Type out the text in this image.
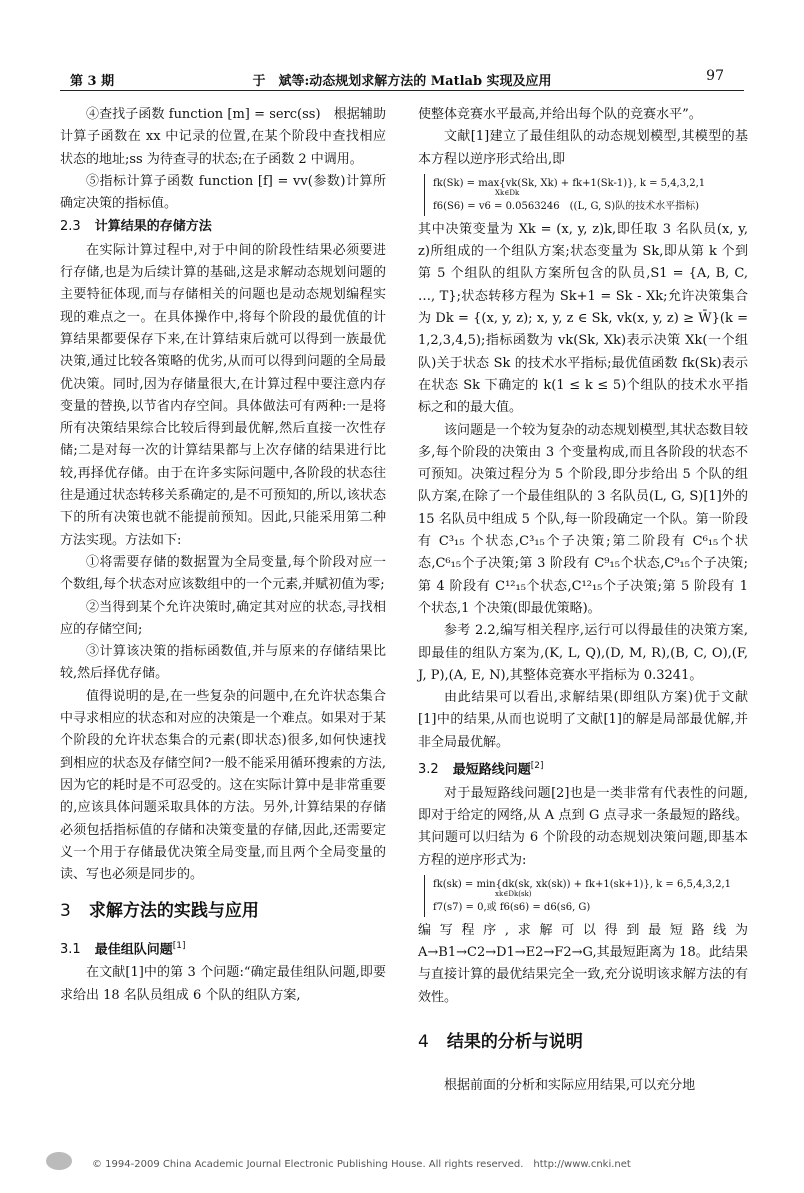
第 3 期	于　斌等:动态规划求解方法的 Matlab 实现及应用	97

④查找子函数 function [m] = serc(ss)　根据辅助计算子函数在 xx 中记录的位置,在某个阶段中查找相应状态的地址;ss 为待查寻的状态;在子函数 2 中调用。

⑤指标计算子函数 function [f] = vv(参数)计算所确定决策的指标值。

2.3 计算结果的存储方法

在实际计算过程中,对于中间的阶段性结果必须要进行存储,也是为后续计算的基础,这是求解动态规划问题的主要特征体现,而与存储相关的问题也是动态规划编程实现的难点之一。在具体操作中,将每个阶段的最优值的计算结果都要保存下来,在计算结束后就可以得到一族最优决策,通过比较各策略的优劣,从而可以得到问题的全局最优决策。同时,因为存储量很大,在计算过程中要注意内存变量的替换,以节省内存空间。具体做法可有两种:一是将所有决策结果综合比较后得到最优解,然后直接一次性存储;二是对每一次的计算结果都与上次存储的结果进行比较,再择优存储。由于在许多实际问题中,各阶段的状态往往是通过状态转移关系确定的,是不可预知的,所以,该状态下的所有决策也就不能提前预知。因此,只能采用第二种方法实现。方法如下:

①将需要存储的数据置为全局变量,每个阶段对应一个数组,每个状态对应该数组中的一个元素,并赋初值为零;

②当得到某个允许决策时,确定其对应的状态,寻找相应的存储空间;

③计算该决策的指标函数值,并与原来的存储结果比较,然后择优存储。

值得说明的是,在一些复杂的问题中,在允许状态集合中寻求相应的状态和对应的决策是一个难点。如果对于某个阶段的允许状态集合的元素(即状态)很多,如何快速找到相应的状态及存储空间?一般不能采用循环搜索的方法,因为它的耗时是不可忍受的。这在实际计算中是非常重要的,应该具体问题采取具体的方法。另外,计算结果的存储必须包括指标值的存储和决策变量的存储,因此,还需要定义一个用于存储最优决策全局变量,而且两个全局变量的读、写也必须是同步的。

3 求解方法的实践与应用
3.1 最佳组队问题[1]

在文献[1]中的第 3 个问题:“确定最佳组队问题,即要求给出 18 名队员组成 6 个队的组队方案,

使整体竞赛水平最高,并给出每个队的竞赛水平”。

文献[1]建立了最佳组队的动态规划模型,其模型的基本方程以逆序形式给出,即

fk(Sk) = max{vk(Sk, Xk) + fk+1(Sk-1)}, k = 5,4,3,2,1
Xk∈Dk
f6(S6) = v6 = 0.0563246　((L, G, S)队的技术水平指标)

其中决策变量为 Xk = (x, y, z)k,即任取 3 名队员(x, y, z)所组成的一个组队方案;状态变量为 Sk,即从第 k 个到第 5 个组队的组队方案所包含的队员,S1 = {A, B, C, …, T};状态转移方程为 Sk+1 = Sk - Xk;允许决策集合为 Dk = {(x, y, z); x, y, z ∈ Sk, vk(x, y, z) ≥ W̄}(k = 1,2,3,4,5);指标函数为 vk(Sk, Xk)表示决策 Xk(一个组队)关于状态 Sk 的技术水平指标;最优值函数 fk(Sk)表示在状态 Sk 下确定的 k(1 ≤ k ≤ 5)个组队的技术水平指标之和的最大值。

该问题是一个较为复杂的动态规划模型,其状态数目较多,每个阶段的决策由 3 个变量构成,而且各阶段的状态不可预知。决策过程分为 5 个阶段,即分步给出 5 个队的组队方案,在除了一个最佳组队的 3 名队员(L, G, S)[1]外的 15 名队员中组成 5 个队,每一阶段确定一个队。第一阶段有 C³₁₅ 个状态,C³₁₅个子决策;第二阶段有 C⁶₁₅个状态,C⁶₁₅个子决策;第 3 阶段有 C⁹₁₅个状态,C⁹₁₅个子决策;第 4 阶段有 C¹²₁₅个状态,C¹²₁₅个子决策;第 5 阶段有 1 个状态,1 个决策(即最优策略)。

参考 2.2,编写相关程序,运行可以得最佳的决策方案,即最佳的组队方案为,(K, L, Q),(D, M, R),(B, C, O),(F, J, P),(A, E, N),其整体竞赛水平指标为 0.3241。

由此结果可以看出,求解结果(即组队方案)优于文献[1]中的结果,从而也说明了文献[1]的解是局部最优解,并非全局最优解。

3.2 最短路线问题[2]

对于最短路线问题[2]也是一类非常有代表性的问题,即对于给定的网络,从 A 点到 G 点寻求一条最短的路线。其问题可以归结为 6 个阶段的动态规划决策问题,即基本方程的逆序形式为:

fk(sk) = min{dk(sk, xk(sk)) + fk+1(sk+1)}, k = 6,5,4,3,2,1
xk∈Dk(sk)
f7(s7) = 0,或 f6(s6) = d6(s6, G)

编写程序,求解可以得到最短路线为 A→B1→C2→D1→E2→F2→G,其最短距离为 18。此结果与直接计算的最优结果完全一致,充分说明该求解方法的有效性。

4 结果的分析与说明

根据前面的分析和实际应用结果,可以充分地

© 1994-2009 China Academic Journal Electronic Publishing House. All rights reserved.　http://www.cnki.net
